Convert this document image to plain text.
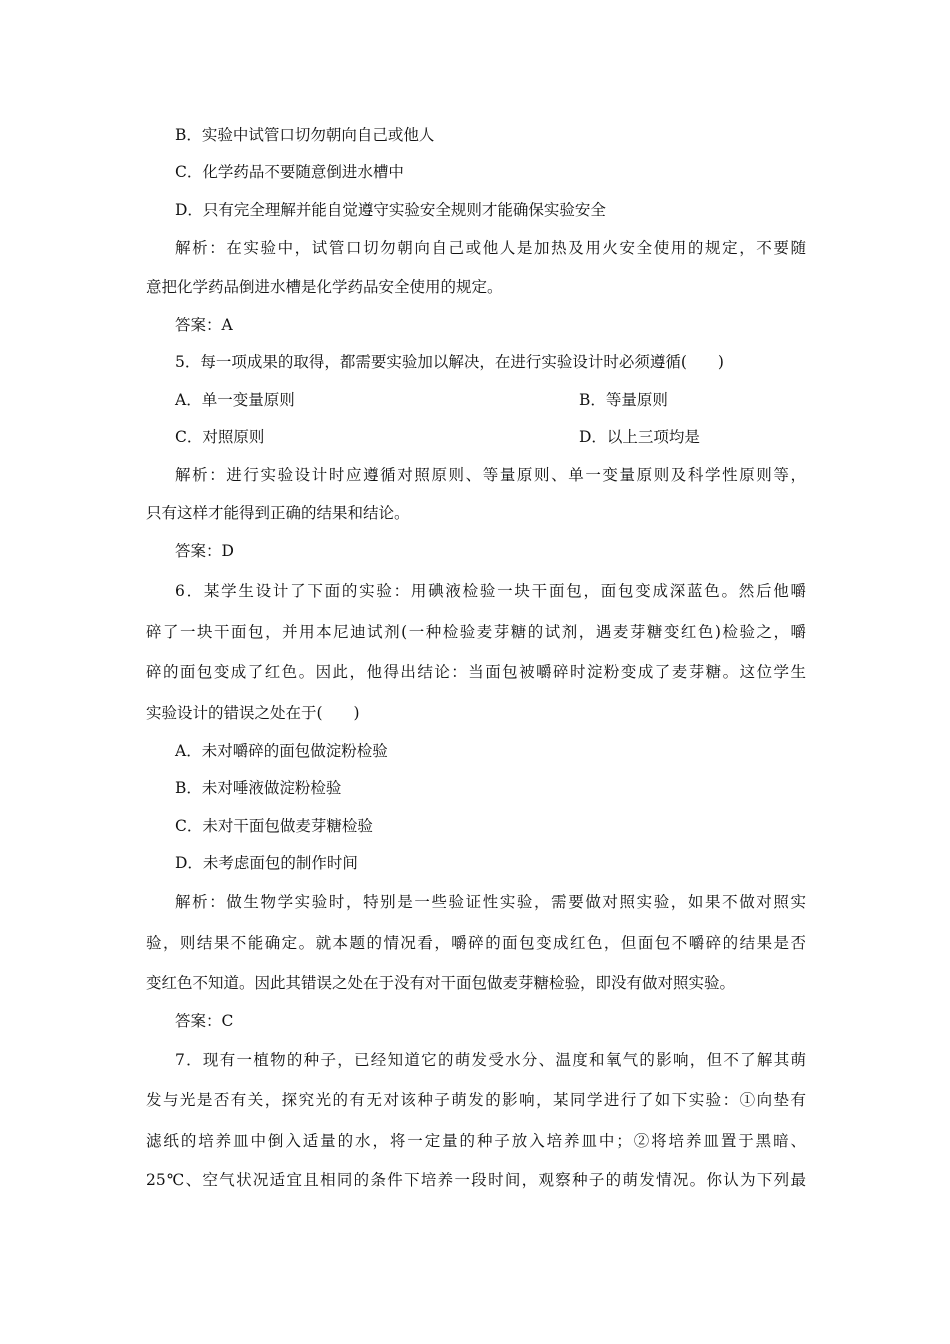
B．实验中试管口切勿朝向自己或他人
C．化学药品不要随意倒进水槽中
D．只有完全理解并能自觉遵守实验安全规则才能确保实验安全
解析：在实验中，试管口切勿朝向自己或他人是加热及用火安全使用的规定，不要随
意把化学药品倒进水槽是化学药品安全使用的规定。
答案：A
5．每一项成果的取得，都需要实验加以解决，在进行实验设计时必须遵循(　　)
A．单一变量原则	B．等量原则
C．对照原则	D．以上三项均是
解析：进行实验设计时应遵循对照原则、等量原则、单一变量原则及科学性原则等，
只有这样才能得到正确的结果和结论。
答案：D
6．某学生设计了下面的实验：用碘液检验一块干面包，面包变成深蓝色。然后他嚼
碎了一块干面包，并用本尼迪试剂(一种检验麦芽糖的试剂，遇麦芽糖变红色)检验之，嚼
碎的面包变成了红色。因此，他得出结论：当面包被嚼碎时淀粉变成了麦芽糖。这位学生
实验设计的错误之处在于(　　)
A．未对嚼碎的面包做淀粉检验
B．未对唾液做淀粉检验
C．未对干面包做麦芽糖检验
D．未考虑面包的制作时间
解析：做生物学实验时，特别是一些验证性实验，需要做对照实验，如果不做对照实
验，则结果不能确定。就本题的情况看，嚼碎的面包变成红色，但面包不嚼碎的结果是否
变红色不知道。因此其错误之处在于没有对干面包做麦芽糖检验，即没有做对照实验。
答案：C
7．现有一植物的种子，已经知道它的萌发受水分、温度和氧气的影响，但不了解其萌
发与光是否有关，探究光的有无对该种子萌发的影响，某同学进行了如下实验：①向垫有
滤纸的培养皿中倒入适量的水，将一定量的种子放入培养皿中；②将培养皿置于黑暗、
25℃、空气状况适宜且相同的条件下培养一段时间，观察种子的萌发情况。你认为下列最
